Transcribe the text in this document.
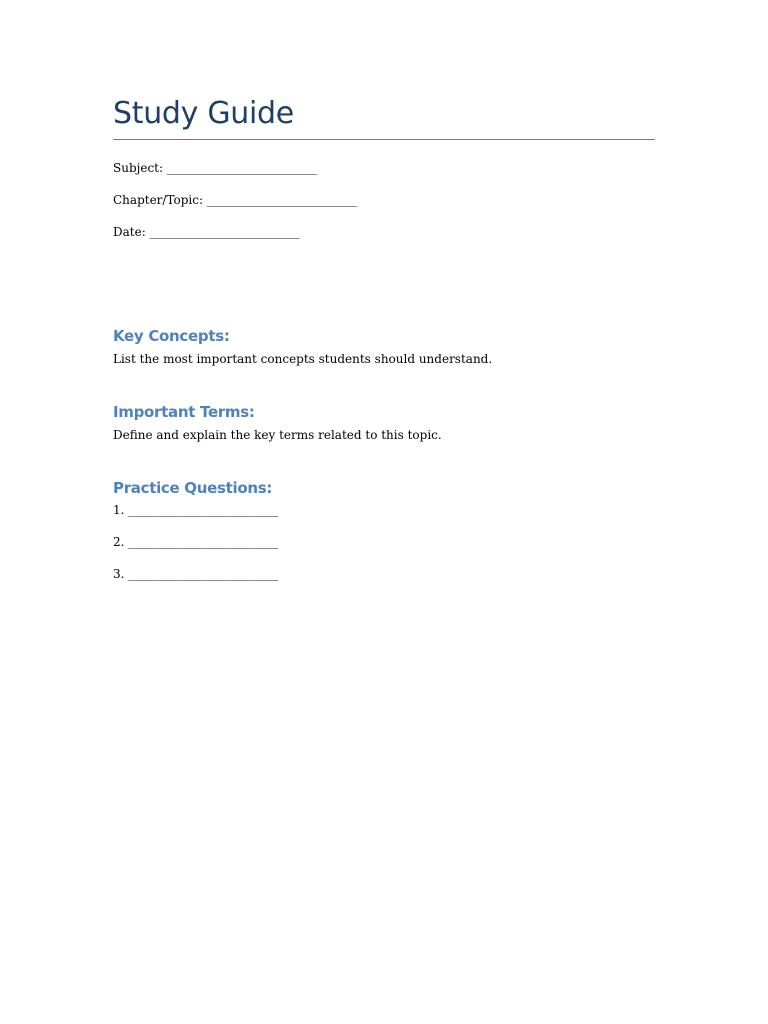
Study Guide

Subject: _________________________

Chapter/Topic: _________________________

Date: _________________________

Key Concepts:

List the most important concepts students should understand.

Important Terms:

Define and explain the key terms related to this topic.

Practice Questions:

1. _________________________

2. _________________________

3. _________________________
